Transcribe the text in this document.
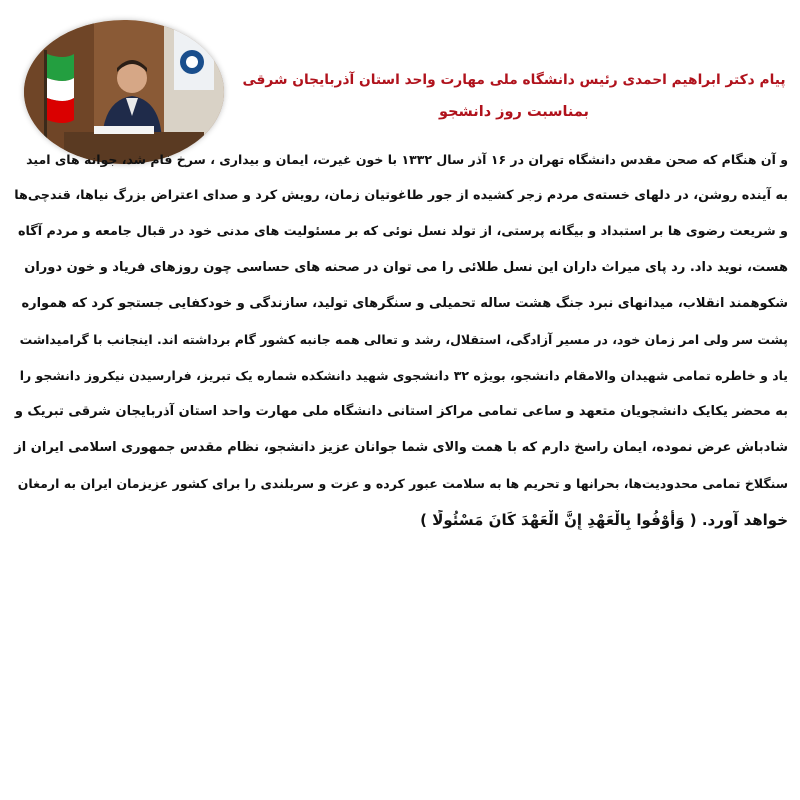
پیام دکتر ابراهیم احمدی رئیس دانشگاه ملی مهارت واحد استان آذربایجان شرقی
بمناسبت روز دانشجو
و آن هنگام که صحن مقدس دانشگاه تهران در ۱۶ آذر سال ۱۳۳۲ با خون غیرت، ایمان و بیداری ، سرخ فام شد، جوانه های امید
به آینده روشن، در دلهای خسته‌ی مردم زجر کشیده از جور طاغوتیان زمان، رویش کرد و صدای اعتراض بزرگ نیاها، قندچی‌ها
و شریعت رضوی ها بر استبداد و بیگانه پرستی، از تولد نسل نوئی که بر مسئولیت های مدنی خود در قبال جامعه و مردم آگاه
هست، نوید داد. رد پای میراث داران این نسل طلائی را می توان در صحنه های حساسی چون روزهای فریاد و خون دوران
شکوهمند انقلاب، میدانهای نبرد جنگ هشت ساله تحمیلی و سنگرهای تولید، سازندگی و خودکفایی جستجو کرد که همواره
پشت سر ولی امر زمان خود، در مسیر آزادگی، استقلال، رشد و تعالی همه جانبه کشور گام برداشته اند. اینجانب با گرامیداشت
یاد و خاطره تمامی شهیدان والامقام دانشجو، بویژه ۳۲ دانشجوی شهید دانشکده شماره یک تبریز، فرارسیدن نیکروز دانشجو را
به محضر یکایک دانشجویان متعهد و ساعی تمامی مراکز استانی دانشگاه ملی مهارت واحد استان آذربایجان شرقی تبریک و
شادباش عرض نموده، ایمان راسخ دارم که با همت والای شما جوانان عزیز دانشجو، نظام مقدس جمهوری اسلامی ایران از
سنگلاخ تمامی محدودیت‌ها، بحرانها و تحریم ها به سلامت عبور کرده و عزت و سربلندی را برای کشور عزیزمان ایران به ارمغان
خواهد آورد. ( وَأَوْفُوا بِالْعَهْدِ إِنَّ الْعَهْدَ كَانَ مَسْئُولًا )
